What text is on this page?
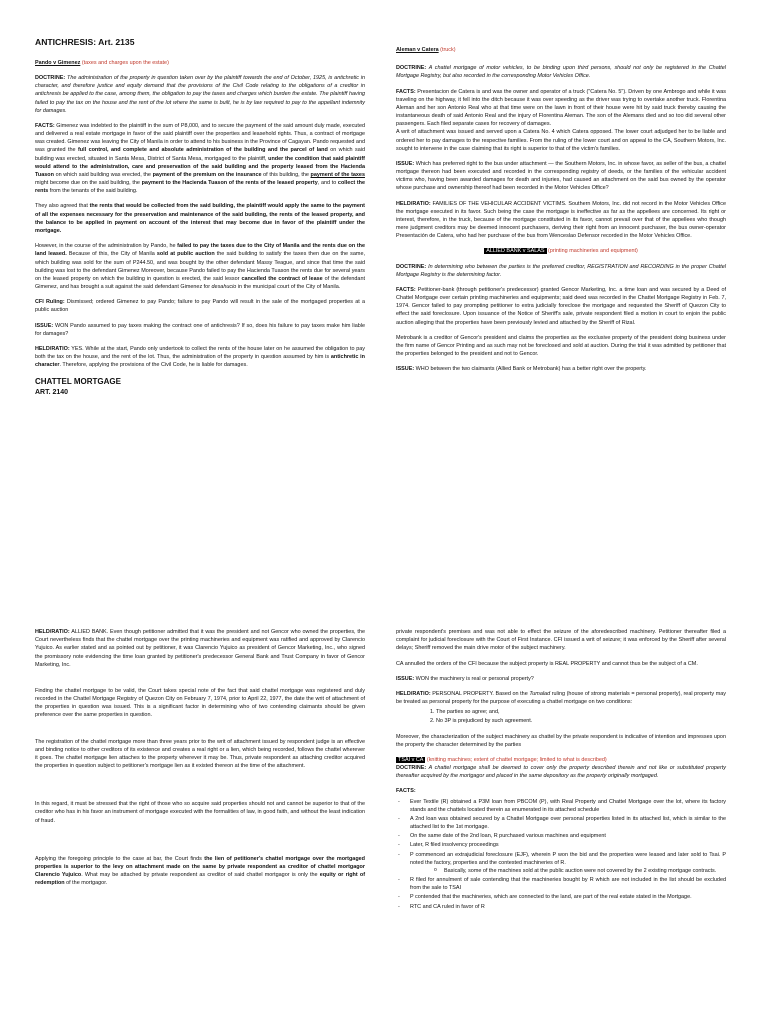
ANTICHRESIS: Art. 2135

Pando v Gimenez (taxes and charges upon the estate)

DOCTRINE: The administration of the property in question taken over by the plaintiff towards the end of October, 1925, is antichretic in character, and therefore justice and equity demand that the provisions of the Civil Code relating to the obligations of a creditor in antichresis be applied to the case, among them, the obligation to pay the taxes and charges which burden the estate. The plaintiff having failed to pay the tax on the house and the rent of the lot where the same is built, he is by law required to pay to the appellant indemnity for damages.

FACTS: Gimenez was indebted to the plaintiff in the sum of P8,000, and to secure the payment of the said amount duly made, executed and delivered a real estate mortgage in favor of the said plaintiff over the properties and leasehold rights. Thus, a contract of mortgage was created. Gimenez was leaving the City of Manila in order to attend to his business in the Province of Cagayan. Pando requested and was granted the full control, and complete and absolute administration of the building and the parcel of land on which said building was erected, situated in Santa Mesa, District of Santa Mesa, mortgaged to the plaintiff, under the condition that said plaintiff would attend to the administration, care and preservation of the said building and the property leased from the Hacienda Tuason on which said building was erected, the payment of the premium on the insurance of this building, the payment of the taxes might become due on the said building, the payment to the Hacienda Tuason of the rents of the leased property, and to collect the rents from the tenants of the said building.

They also agreed that the rents that would be collected from the said building, the plaintiff would apply the same to the payment of all the expenses necessary for the preservation and maintenance of the said building, the rents of the leased property, and the balance to be applied in payment on account of the interest that may become due in favor of the plaintiff under the mortgage.

However, in the course of the administration by Pando, he failed to pay the taxes due to the City of Manila and the rents due on the land leased. Because of this, the City of Manila sold at public auction the said building to satisfy the taxes then due on the same, which building was sold for the sum of P244.50, and was bought by the other defendant Massy Teague, and since that time the said building was lost to the defendant Gimenez Moreover, because Pando failed to pay the Hacienda Tuason the rents due for several years on the leased property on which the building in question is erected, the said lessor cancelled the contract of lease of the defendant Gimenez, and has brought a suit against the said defendant Gimenez for desahucio in the municipal court of the City of Manila.

CFI Ruling: Dismissed; ordered Gimenez to pay Pando; failure to pay Pando will result in the sale of the mortgaged properties at a public auction

ISSUE: WON Pando assumed to pay taxes making the contract one of antichresis? If so, does his failure to pay taxes make him liable for damages?

HELD/RATIO: YES. While at the start, Pando only undertook to collect the rents of the house later on he assumed the obligation to pay both the tax on the house, and the rent of the lot. Thus, the administration of the property in question assumed by him is antichretic in character. Therefore, applying the provisions of the Civil Code, he is liable for damages.

CHATTEL MORTGAGE
ART. 2140

Aleman v Catera (truck)

DOCTRINE: A chattel mortgage of motor vehicles, to be binding upon third persons, should not only be registered in the Chattel Mortgage Registry, but also recorded in the corresponding Motor Vehicles Office.

FACTS: Presentacion de Catera is and was the owner and operator of a truck ("Catera No. 5"). Driven by one Ambrogo and while it was traveling on the highway, it fell into the ditch because it was over speeding as the driver was trying to overtake another truck. Florentina Aleman and her son Antonio Real who at that time were on the lawn in front of their house were hit by said truck thereby causing the instantaneous death of said Antonio Real and the injury of Florentina Aleman. The son of the Alemans died and so too did several other passengers. Each filed separate cases for recovery of damages.

A writ of attachment was issued and served upon a Catera No. 4 which Catera opposed. The lower court adjudged her to be liable and ordered her to pay damages to the respective families. From the ruling of the lower court and on appeal to the CA, Southern Motors, Inc. sought to intervene in the case claiming that its right is superior to that of the victim's families.

ISSUE: Which has preferred right to the bus under attachment — the Southern Motors, Inc. in whose favor, as seller of the bus, a chattel mortgage thereon had been executed and recorded in the corresponding registry of deeds, or the families of the vehicular accident victims who, having been awarded damages for death and injuries, had caused an attachment on the said bus owned by the operator whose purchase and ownership thereof had been recorded in the Motor Vehicles Office?

HELD/RATIO: FAMILIES OF THE VEHICULAR ACCIDENT VICTIMS. Southern Motors, Inc. did not record in the Motor Vehicles Office the mortgage executed in its favor. Such being the case the mortgage is ineffective as far as the appellees are concerned. Its right or interest, therefore, in the truck, because of the mortgage constituted in its favor, cannot prevail over that of the appellees who though mere judgment creditors may be deemed innocent purchasers, deriving their right from an innocent purchaser, the bus owner-operator Presentación de Catera, who had her purchase of the bus from Wenceslao Defensor recorded in the Motor Vehicles Office.

ALLIED BANK v SALAS (printing machineries and equipment)

DOCTRINE: In determining who between the parties is the preferred creditor, REGISTRATION and RECORDING in the proper Chattel Mortgage Registry is the determining factor.

FACTS: Petitioner-bank (through petitioner's predecessor) granted Gencor Marketing, Inc. a time loan and was secured by a Deed of Chattel Mortgage over certain printing machineries and equipments; said deed was recorded in the Chattel Mortgage Registry in Feb. 7, 1974. Gencor failed to pay prompting petitioner to extra judicially foreclose the mortgage and requested the Sheriff of Quezon City to effect the said foreclosure. Upon issuance of the Notice of Sheriff's sale, private respondent filed a motion in court to enjoin the public auction alleging that the properties have been previously levied and attached by the Sheriff of Rizal.

Metrobank is a creditor of Gencor's president and claims the properties as the exclusive property of the president doing business under the firm name of Gencor Printing and as such may not be foreclosed and sold at auction. During the trial it was admitted by petitioner that the properties belonged to the president and not to Gencor.

ISSUE: WHO between the two claimants (Allied Bank or Metrobank) has a better right over the property.

HELD/RATIO: ALLIED BANK. Even though petitioner admitted that it was the president and not Gencor who owned the properties, the Court nevertheless finds that the chattel mortgage over the printing machineries and equipment was ratified and approved by Clarencio Yujuico. As earlier stated and as pointed out by petitioner, it was Clarencio Yujuico as president of Gencor Marketing, Inc., who signed the promissory note evidencing the time loan granted by petitioner's predecessor General Bank and Trust Company in favor of Gencor Marketing, Inc.

Finding the chattel mortgage to be valid, the Court takes special note of the fact that said chattel mortgage was registered and duly recorded in the Chattel Mortgage Registry of Quezon City on February 7, 1974, prior to April 22, 1977, the date the writ of attachment of the properties in question was issued. This is a significant factor in determining who of two contending claimants should be given preference over the same properties in question.

The registration of the chattel mortgage more than three years prior to the writ of attachment issued by respondent judge is an effective and binding notice to other creditors of its existence and creates a real right or a lien, which being recorded, follows the chattel wherever it goes. The chattel mortgage lien attaches to the property wherever it may be. Thus, private respondent as attaching creditor acquired the properties in question subject to petitioner's mortgage lien as it existed thereon at the time of the attachment.

In this regard, it must be stressed that the right of those who so acquire said properties should not and cannot be superior to that of the creditor who has in his favor an instrument of mortgage executed with the formalities of law, in good faith, and without the least indication of fraud.

Applying the foregoing principle to the case at bar, the Court finds the lien of petitioner's chattel mortgage over the mortgaged properties is superior to the levy on attachment made on the same by private respondent as creditor of chattel mortgagor Clarencio Yujuico. What may be attached by private respondent as creditor of said chattel mortgagor is only the equity or right of redemption of the mortgagor.

private respondent's premises and was not able to effect the seizure of the aforedescribed machinery. Petitioner thereafter filed a complaint for judicial foreclosure with the Court of First Instance. CFI issued a writ of seizure; it was enforced by the Sheriff after several delays; Sheriff removed the main drive motor of the subject machinery.

CA annulled the orders of the CFI because the subject property is REAL PROPERTY and cannot thus be the subject of a CM.

ISSUE: WON the machinery is real or personal property?

HELD/RATIO: PERSONAL PROPERTY. Based on the Tumalad ruling (house of strong materials = personal property), real property may be treated as personal property for the purpose of executing a chattel mortgage on two conditions:

1. The parties so agree; and,
2. No 3P is prejudiced by such agreement.

Moreover, the characterization of the subject machinery as chattel by the private respondent is indicative of intention and impresses upon the property the character determined by the parties

TSAI v CA (knitting machines; extent of chattel mortgage; limited to what is described)

DOCTRINE: A chattel mortgage shall be deemed to cover only the property described therein and not like or substituted property thereafter acquired by the mortgagor and placed in the same depository as the property originally mortgaged.

FACTS:
- Ever Textile (R) obtained a P3M loan from PBCOM (P), with Real Property and Chattel Mortgage over the lot, where its factory stands and the chattels located therein as enumerated in its attached schedule
- A 2nd loan was obtained secured by a Chattel Mortgage over personal properties listed in its attached list, which is similar to the attached list to the 1st mortgage.
- On the same date of the 2nd loan, R purchased various machines and equipment
- Later, R filed insolvency proceedings
- P commenced an extrajudicial foreclosure (EJF), wherein P won the bid and the properties were leased and later sold to Tsai. P noted the factory, properties and the contested machineries of R.
o Basically, some of the machines sold at the public auction were not covered by the 2 existing mortgage contracts.
- R filed for annulment of sale contending that the machineries bought by R which are not included in the list should be excluded from the sale to TSAI
- P contended that the machineries, which are connected to the land, are part of the real estate stated in the Mortgage.
- RTC and CA ruled in favor of R
